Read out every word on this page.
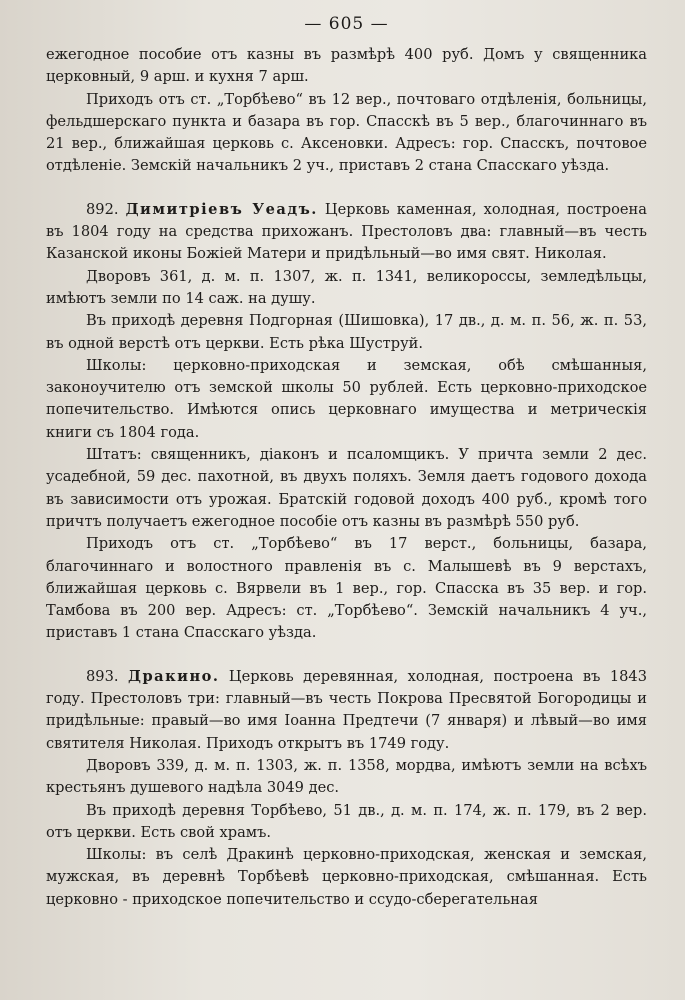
— 605 —

ежегодное пособие отъ казны въ размѣрѣ 400 руб. Домъ у священника церковный, 9 арш. и кухня 7 арш.

Приходъ отъ ст. „Торбѣево“ въ 12 вер., почтоваго отдѣленія, больницы, фельдшерскаго пункта и базара въ гор. Спасскѣ въ 5 вер., благочиннаго въ 21 вер., ближайшая церковь с. Аксеновки. Адресъ: гор. Спасскъ, почтовое отдѣленіе. Земскій начальникъ 2 уч., приставъ 2 стана Спасскаго уѣзда.

892. Димитріевъ Уеадъ. Церковь каменная, холодная, построена въ 1804 году на средства прихожанъ. Престоловъ два: главный—въ честь Казанской иконы Божіей Матери и придѣльный—во имя свят. Николая.

Дворовъ 361, д. м. п. 1307, ж. п. 1341, великороссы, земледѣльцы, имѣютъ земли по 14 саж. на душу.

Въ приходѣ деревня Подгорная (Шишовка), 17 дв., д. м. п. 56, ж. п. 53, въ одной верстѣ отъ церкви. Есть рѣка Шуструй.

Школы: церковно-приходская и земская, обѣ смѣшанныя, законоучителю отъ земской школы 50 рублей. Есть церковно-приходское попечительство. Имѣются опись церковнаго имущества и метрическія книги съ 1804 года.

Штатъ: священникъ, діаконъ и псаломщикъ. У причта земли 2 дес. усадебной, 59 дес. пахотной, въ двухъ поляхъ. Земля даетъ годового дохода въ зависимости отъ урожая. Братскій годовой доходъ 400 руб., кромѣ того причтъ получаетъ ежегодное пособіе отъ казны въ размѣрѣ 550 руб.

Приходъ отъ ст. „Торбѣево“ въ 17 верст., больницы, базара, благочиннаго и волостного правленія въ с. Малышевѣ въ 9 верстахъ, ближайшая церковь с. Вярвели въ 1 вер., гор. Спасска въ 35 вер. и гор. Тамбова въ 200 вер. Адресъ: ст. „Торбѣево“. Земскій начальникъ 4 уч., приставъ 1 стана Спасскаго уѣзда.

893. Дракино. Церковь деревянная, холодная, построена въ 1843 году. Престоловъ три: главный—въ честь Покрова Пресвятой Богородицы и придѣльные: правый—во имя Іоанна Предтечи (7 января) и лѣвый—во имя святителя Николая. Приходъ открытъ въ 1749 году.

Дворовъ 339, д. м. п. 1303, ж. п. 1358, мордва, имѣютъ земли на всѣхъ крестьянъ душевого надѣла 3049 дес.

Въ приходѣ деревня Торбѣево, 51 дв., д. м. п. 174, ж. п. 179, въ 2 вер. отъ церкви. Есть свой храмъ.

Школы: въ селѣ Дракинѣ церковно-приходская, женская и земская, мужская, въ деревнѣ Торбѣевѣ церковно-приходская, смѣшанная. Есть церковно - приходское попечительство и ссудо-сберегательная
